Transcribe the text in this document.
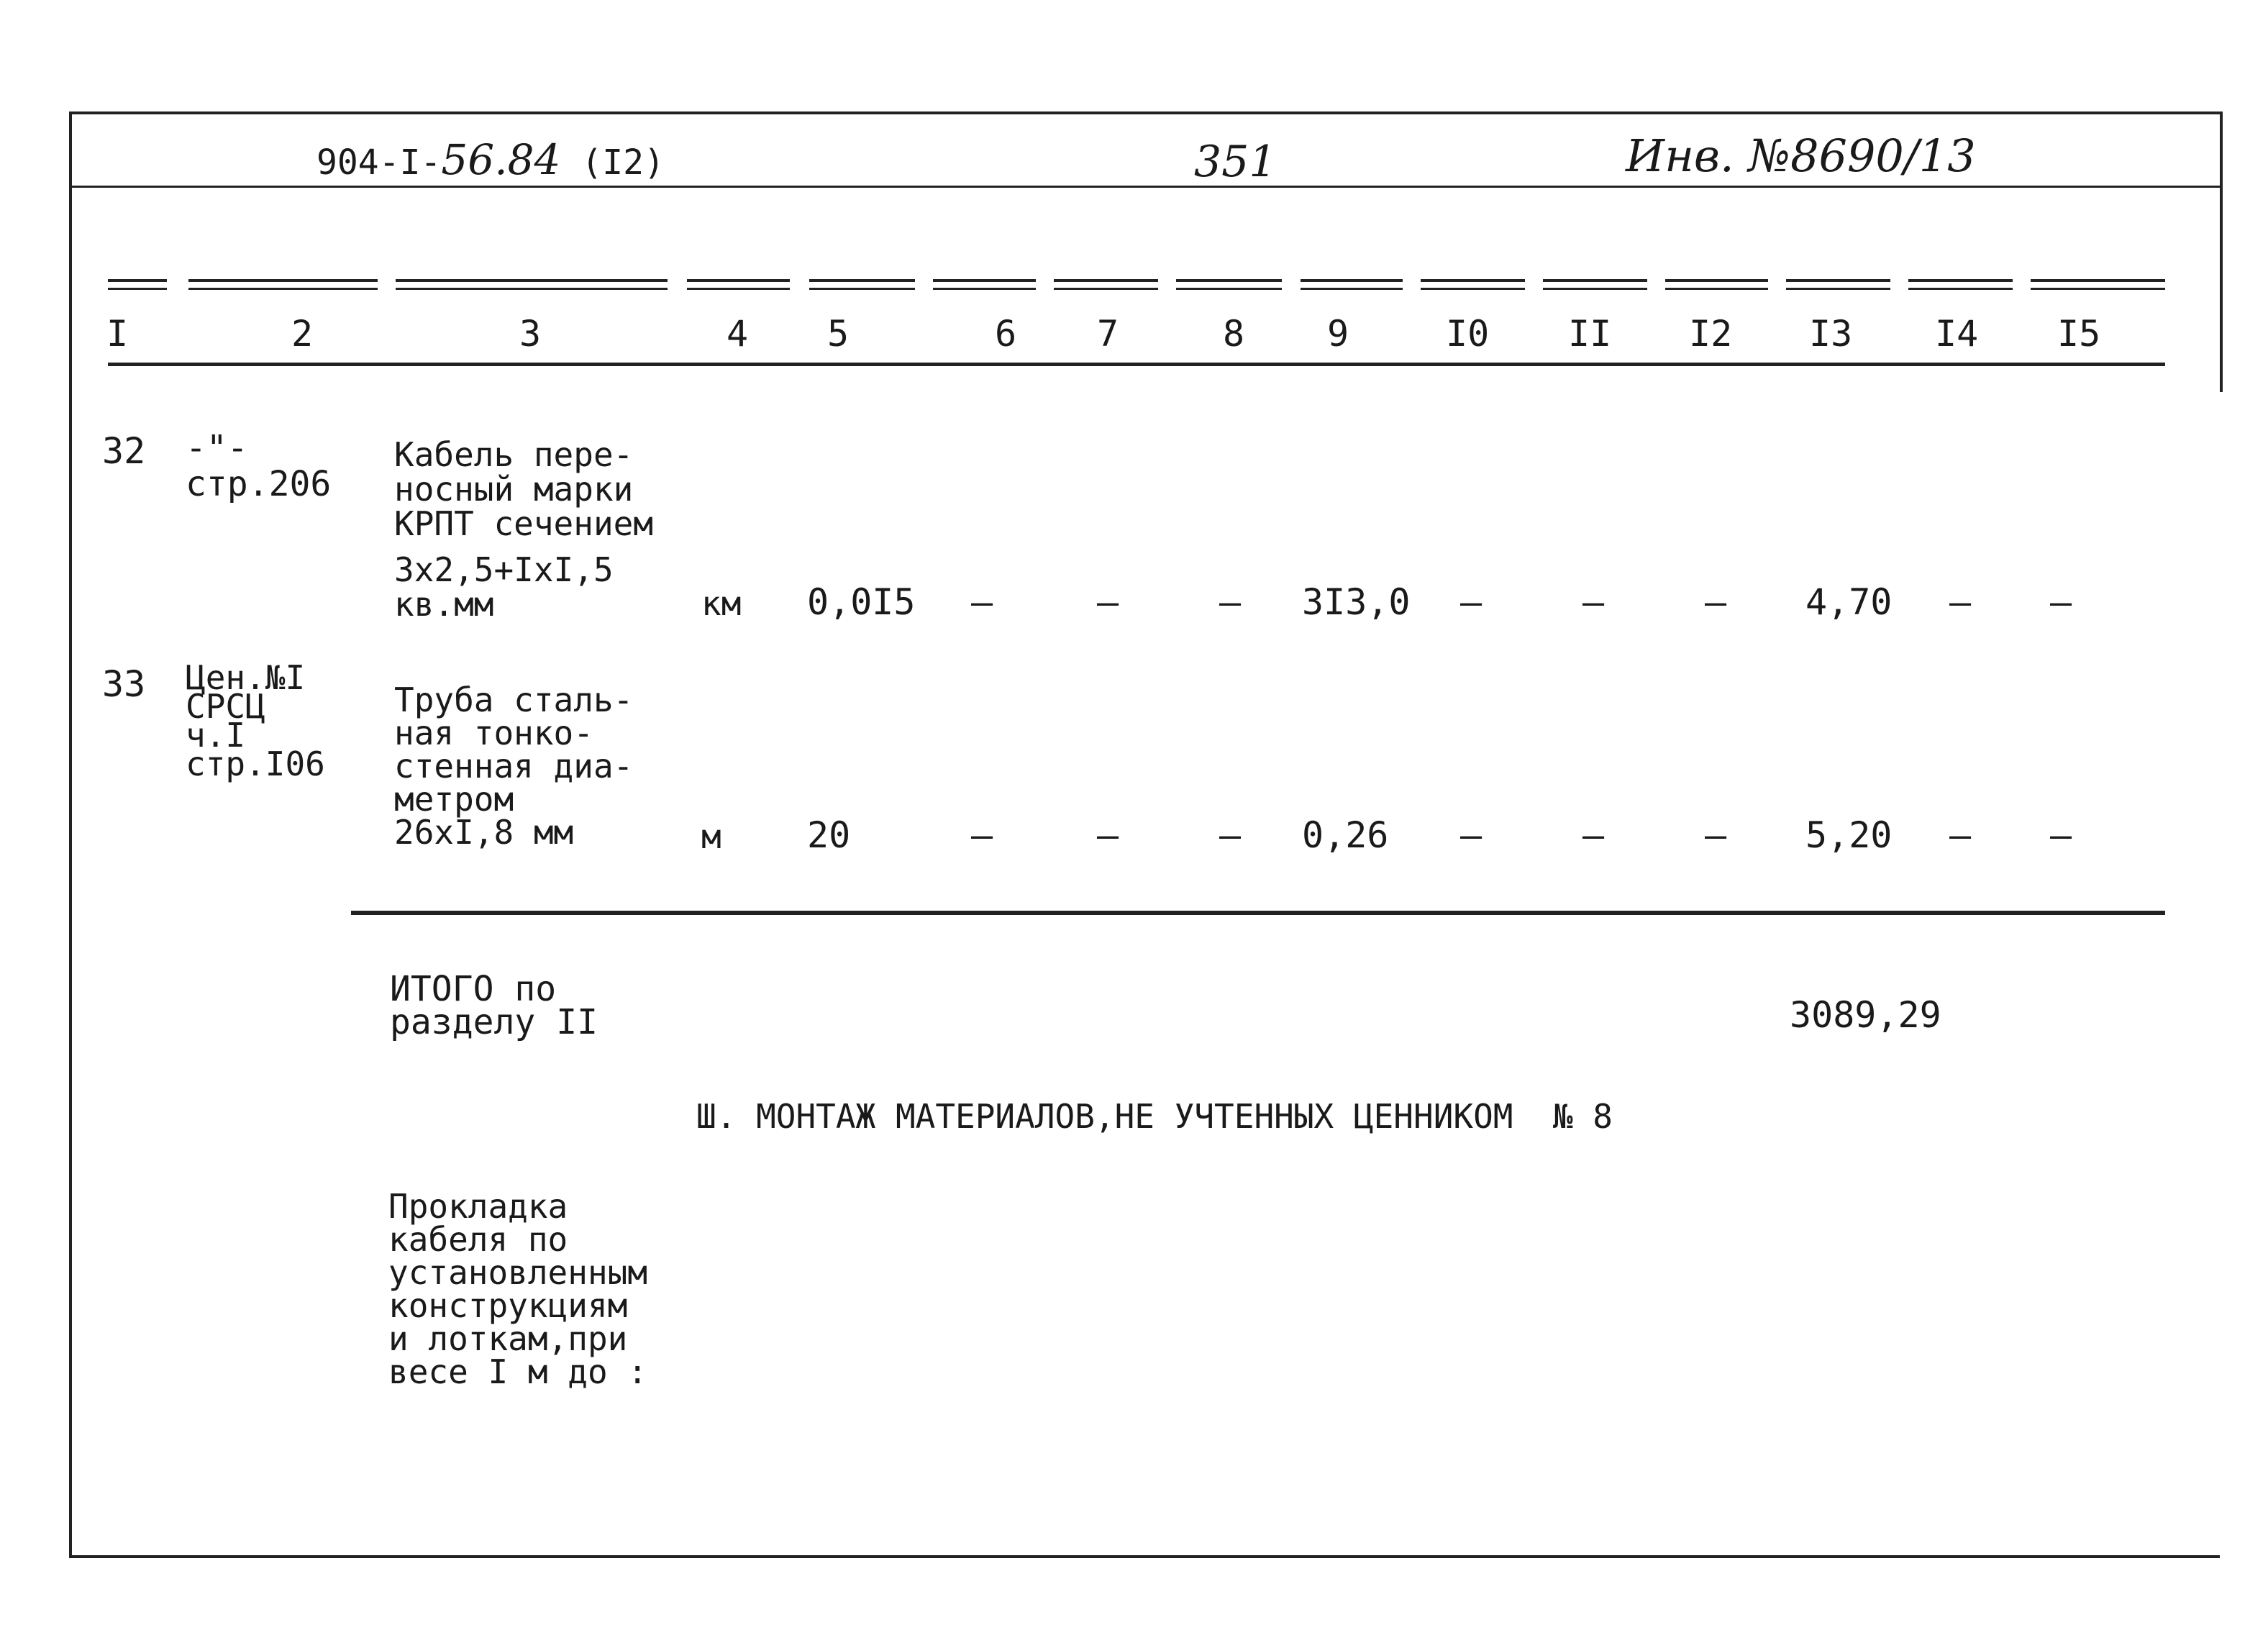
904-I-56.84 (I2)	351	Инв. №8690/13
I	2	3	4 5	6 7	8 9	I0 II I2 I3 I4 I5
32 -"-
стр.206
Кабель пере-
носный марки
КРПТ сечением
3x2,5+IxI,5
кв.мм	км 0,0I5 –	–	– 3I3,0 –	–	– 4,70 – –
33 Цен.№I
СРСЦ
ч.I
стр.I06
Труба сталь-
ная тонко-
стенная диа-
метром
26xI,8 мм	м 20	–	–	– 0,26 –	–	– 5,20 – –
ИТОГО по
разделу II	3089,29
Ш. МОНТАЖ МАТЕРИАЛОВ,НЕ УЧТЕННЫХ ЦЕННИКОМ  № 8
Прокладка
кабеля по
установленным
конструкциям
и лоткам,при
весе I м до :
